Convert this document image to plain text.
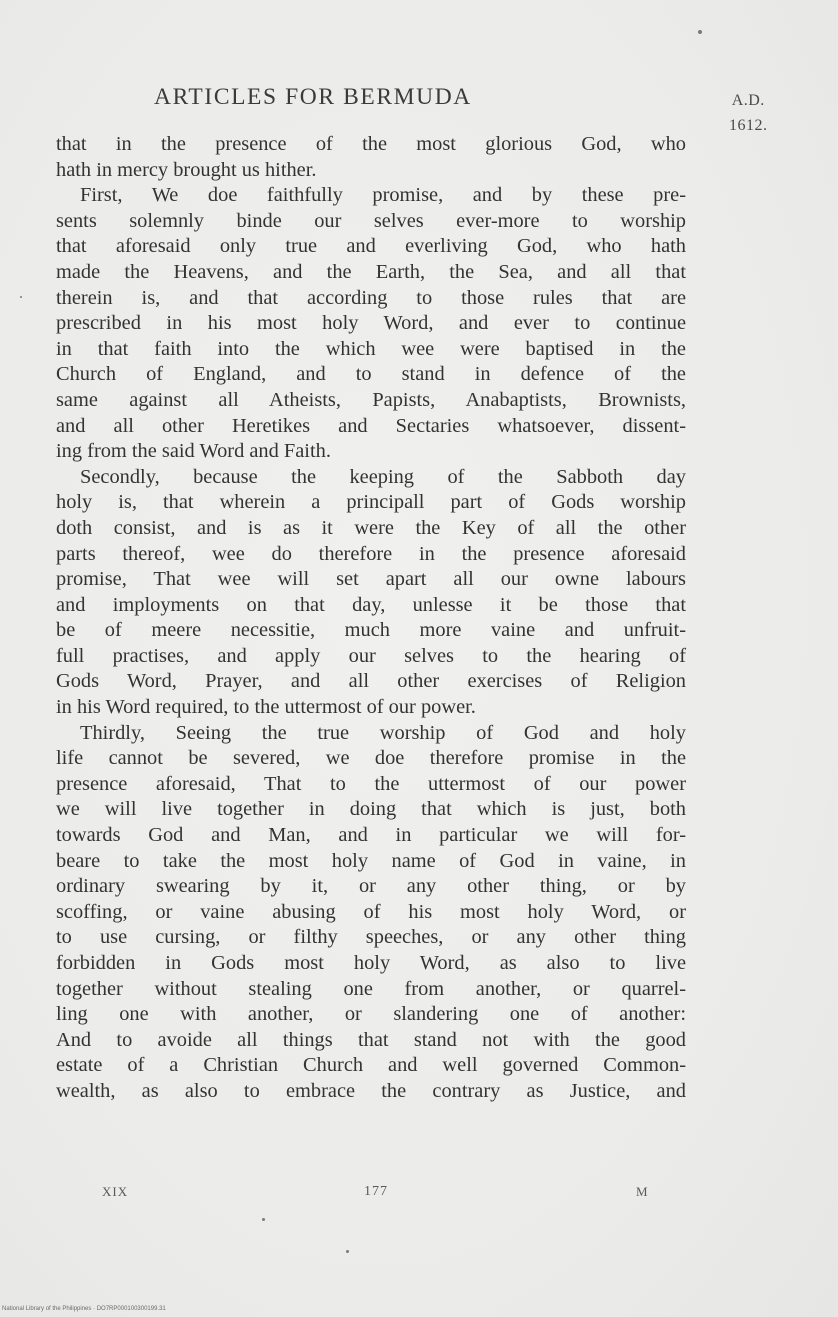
ARTICLES FOR BERMUDA	A.D.
1612.
that in the presence of the most glorious God, who
hath in mercy brought us hither.
First, We doe faithfully promise, and by these pre-
sents solemnly binde our selves ever-more to worship
that aforesaid only true and everliving God, who hath
made the Heavens, and the Earth, the Sea, and all that
therein is, and that according to those rules that are
prescribed in his most holy Word, and ever to continue
in that faith into the which wee were baptised in the
Church of England, and to stand in defence of the
same against all Atheists, Papists, Anabaptists, Brownists,
and all other Heretikes and Sectaries whatsoever, dissent-
ing from the said Word and Faith.
Secondly, because the keeping of the Sabboth day
holy is, that wherein a principall part of Gods worship
doth consist, and is as it were the Key of all the other
parts thereof, wee do therefore in the presence aforesaid
promise, That wee will set apart all our owne labours
and imployments on that day, unlesse it be those that
be of meere necessitie, much more vaine and unfruit-
full practises, and apply our selves to the hearing of
Gods Word, Prayer, and all other exercises of Religion
in his Word required, to the uttermost of our power.
Thirdly, Seeing the true worship of God and holy
life cannot be severed, we doe therefore promise in the
presence aforesaid, That to the uttermost of our power
we will live together in doing that which is just, both
towards God and Man, and in particular we will for-
beare to take the most holy name of God in vaine, in
ordinary swearing by it, or any other thing, or by
scoffing, or vaine abusing of his most holy Word, or
to use cursing, or filthy speeches, or any other thing
forbidden in Gods most holy Word, as also to live
together without stealing one from another, or quarrel-
ling one with another, or slandering one of another:
And to avoide all things that stand not with the good
estate of a Christian Church and well governed Common-
wealth, as also to embrace the contrary as Justice, and
XIX	177	M
National Library of the Philippines · DO7RP000100300199.31
